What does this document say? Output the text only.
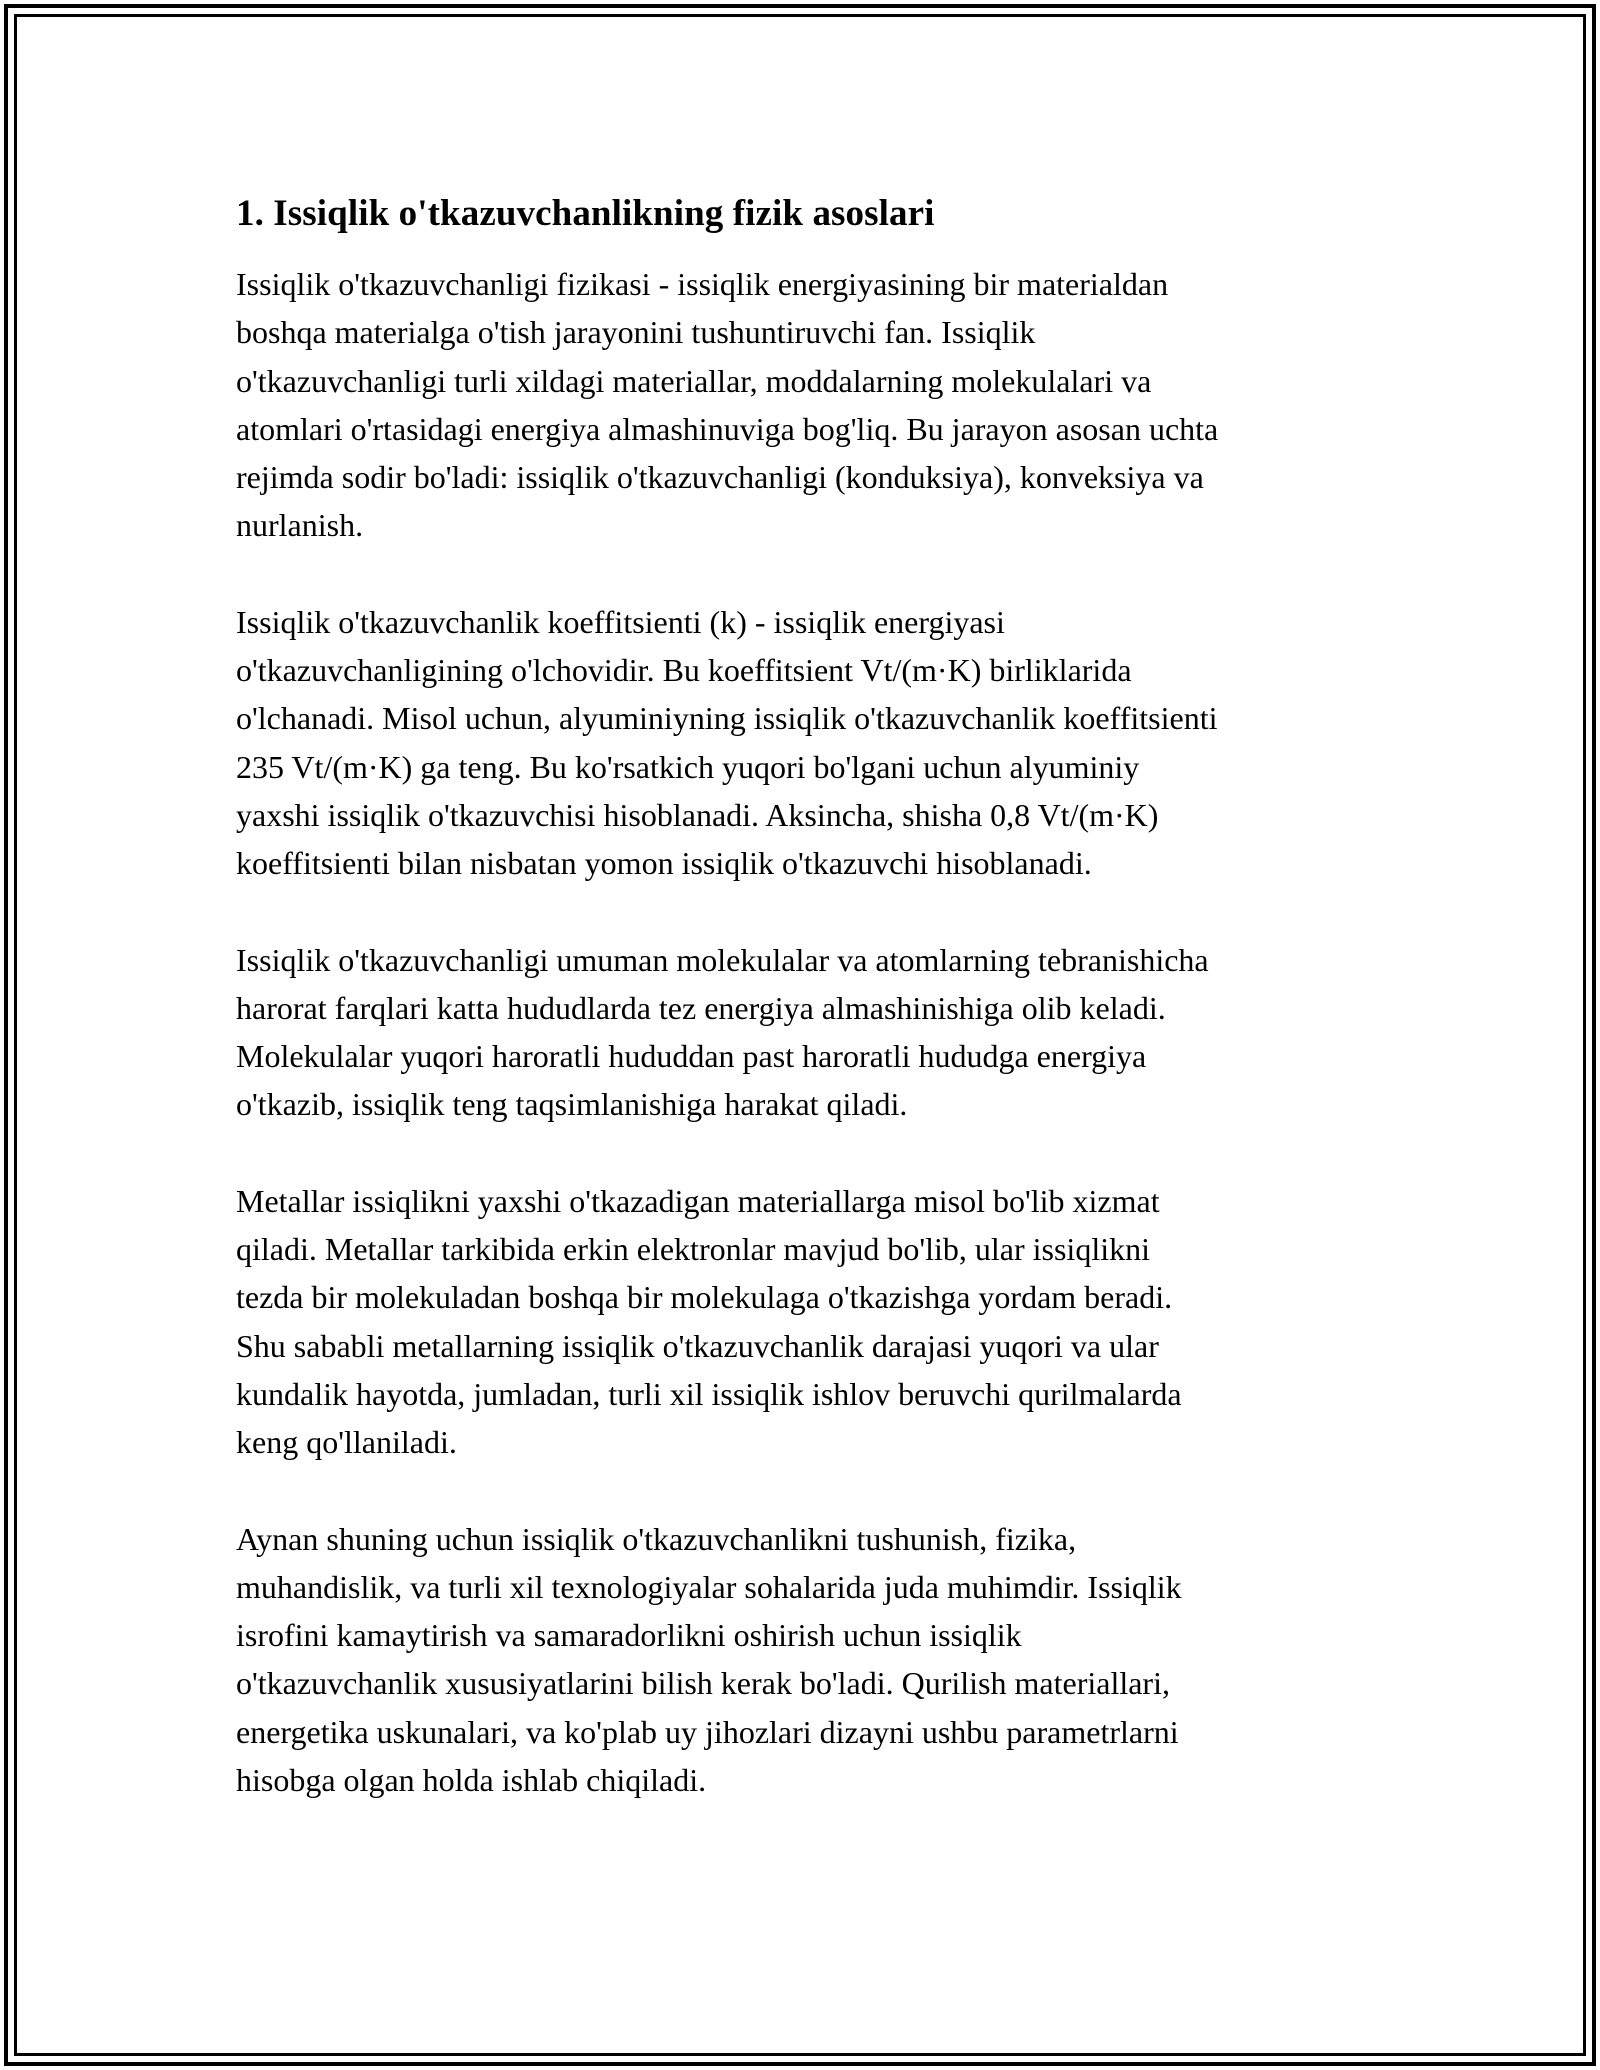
1. Issiqlik o'tkazuvchanlikning fizik asoslari

Issiqlik o'tkazuvchanligi fizikasi - issiqlik energiyasining bir materialdan
boshqa materialga o'tish jarayonini tushuntiruvchi fan. Issiqlik
o'tkazuvchanligi turli xildagi materiallar, moddalarning molekulalari va
atomlari o'rtasidagi energiya almashinuviga bog'liq. Bu jarayon asosan uchta
rejimda sodir bo'ladi: issiqlik o'tkazuvchanligi (konduksiya), konveksiya va
nurlanish.

Issiqlik o'tkazuvchanlik koeffitsienti (k) - issiqlik energiyasi
o'tkazuvchanligining o'lchovidir. Bu koeffitsient Vt/(m·K) birliklarida
o'lchanadi. Misol uchun, alyuminiyning issiqlik o'tkazuvchanlik koeffitsienti
235 Vt/(m·K) ga teng. Bu ko'rsatkich yuqori bo'lgani uchun alyuminiy
yaxshi issiqlik o'tkazuvchisi hisoblanadi. Aksincha, shisha 0,8 Vt/(m·K)
koeffitsienti bilan nisbatan yomon issiqlik o'tkazuvchi hisoblanadi.

Issiqlik o'tkazuvchanligi umuman molekulalar va atomlarning tebranishicha
harorat farqlari katta hududlarda tez energiya almashinishiga olib keladi.
Molekulalar yuqori haroratli hududdan past haroratli hududga energiya
o'tkazib, issiqlik teng taqsimlanishiga harakat qiladi.

Metallar issiqlikni yaxshi o'tkazadigan materiallarga misol bo'lib xizmat
qiladi. Metallar tarkibida erkin elektronlar mavjud bo'lib, ular issiqlikni
tezda bir molekuladan boshqa bir molekulaga o'tkazishga yordam beradi.
Shu sababli metallarning issiqlik o'tkazuvchanlik darajasi yuqori va ular
kundalik hayotda, jumladan, turli xil issiqlik ishlov beruvchi qurilmalarda
keng qo'llaniladi.

Aynan shuning uchun issiqlik o'tkazuvchanlikni tushunish, fizika,
muhandislik, va turli xil texnologiyalar sohalarida juda muhimdir. Issiqlik
isrofini kamaytirish va samaradorlikni oshirish uchun issiqlik
o'tkazuvchanlik xususiyatlarini bilish kerak bo'ladi. Qurilish materiallari,
energetika uskunalari, va ko'plab uy jihozlari dizayni ushbu parametrlarni
hisobga olgan holda ishlab chiqiladi.
